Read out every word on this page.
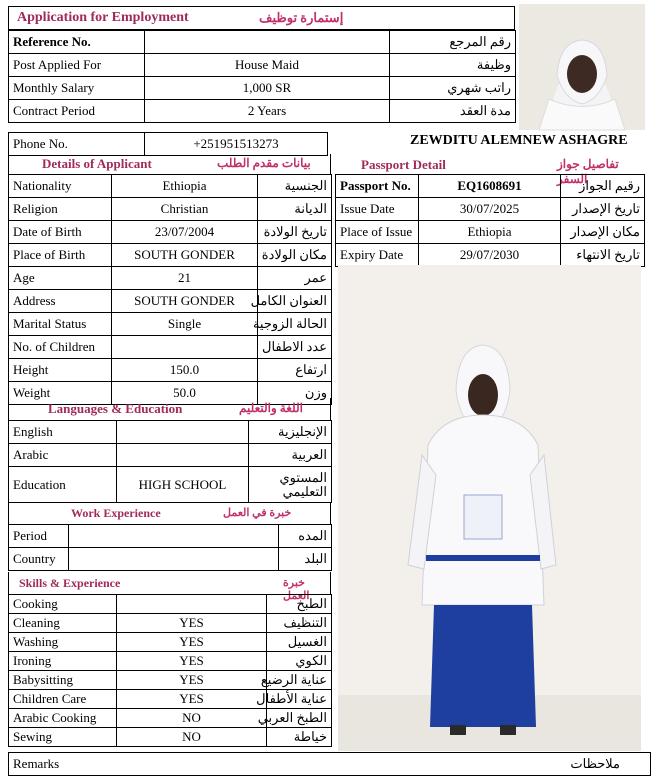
Application for Employment	إستمارة توظيف
Reference No.		رقم المرجع
Post Applied For	House Maid	وظيفة
Monthly Salary	1,000 SR	راتب شهري
Contract Period	2 Years	مدة العقد
Phone No.	+251951513273	ZEWDITU ALEMNEW ASHAGRE
Details of Applicant	بيانات مقدم الطلب
Nationality	Ethiopia	الجنسية
Religion	Christian	الديانة
Date of Birth	23/07/2004	تاريخ الولادة
Place of Birth	SOUTH GONDER	مكان الولادة
Age	21	عمر
Address	SOUTH GONDER	العنوان الكامل
Marital Status	Single	الحالة الزوجية
No. of Children		عدد الاطفال
Height	150.0	ارتفاع
Weight	50.0	وزن
Languages & Education	اللغة والتعليم
English		الإنجليزية
Arabic		العربية
Education	HIGH SCHOOL	المستوي التعليمي
Work Experience	خبرة في العمل
Period		المده
Country		البلد
Skills & Experience	خبرة العمل
Cooking		الطبخ
Cleaning	YES	التنظيف
Washing	YES	الغسيل
Ironing	YES	الكوي
Babysitting	YES	عناية الرضيع
Children Care	YES	عناية الأطفال
Arabic Cooking	NO	الطبخ العربي
Sewing	NO	خياطة
Remarks	ملاحظات
Passport Detail	تفاصيل جواز السفر
Passport No.	EQ1608691	رقيم الجواز
Issue Date	30/07/2025	تاريخ الإصدار
Place of Issue	Ethiopia	مكان الإصدار
Expiry Date	29/07/2030	تاريخ الانتهاء
